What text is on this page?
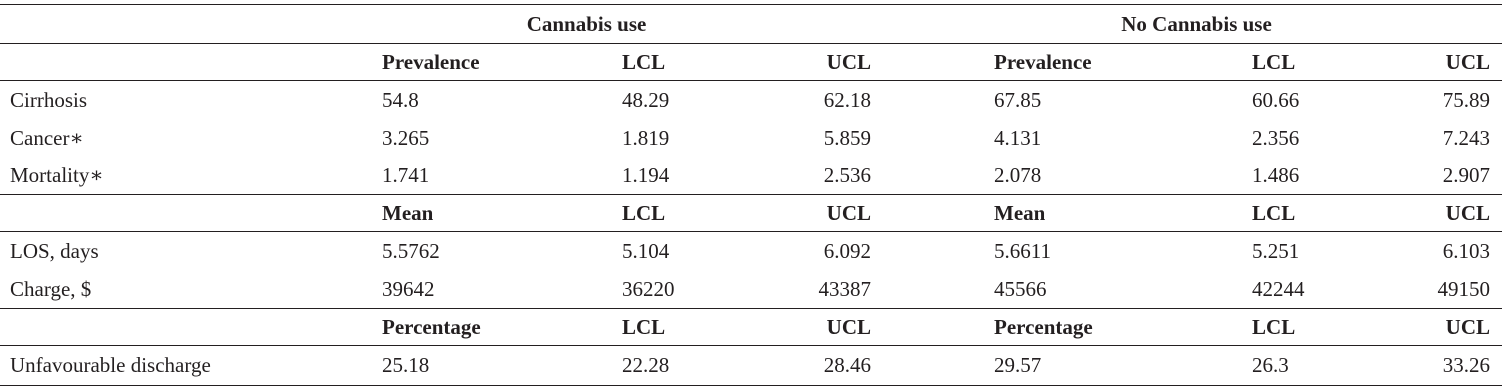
	Cannabis use			No Cannabis use		

	Prevalence	LCL	UCL	Prevalence	LCL	UCL
Cirrhosis	54.8	48.29	62.18	67.85	60.66	75.89
Cancer∗	3.265	1.819	5.859	4.131	2.356	7.243
Mortality∗	1.741	1.194	2.536	2.078	1.486	2.907
	Mean	LCL	UCL	Mean	LCL	UCL
LOS, days	5.5762	5.104	6.092	5.6611	5.251	6.103
Charge, $	39642	36220	43387	45566	42244	49150
	Percentage	LCL	UCL	Percentage	LCL	UCL
Unfavourable discharge	25.18	22.28	28.46	29.57	26.3	33.26
